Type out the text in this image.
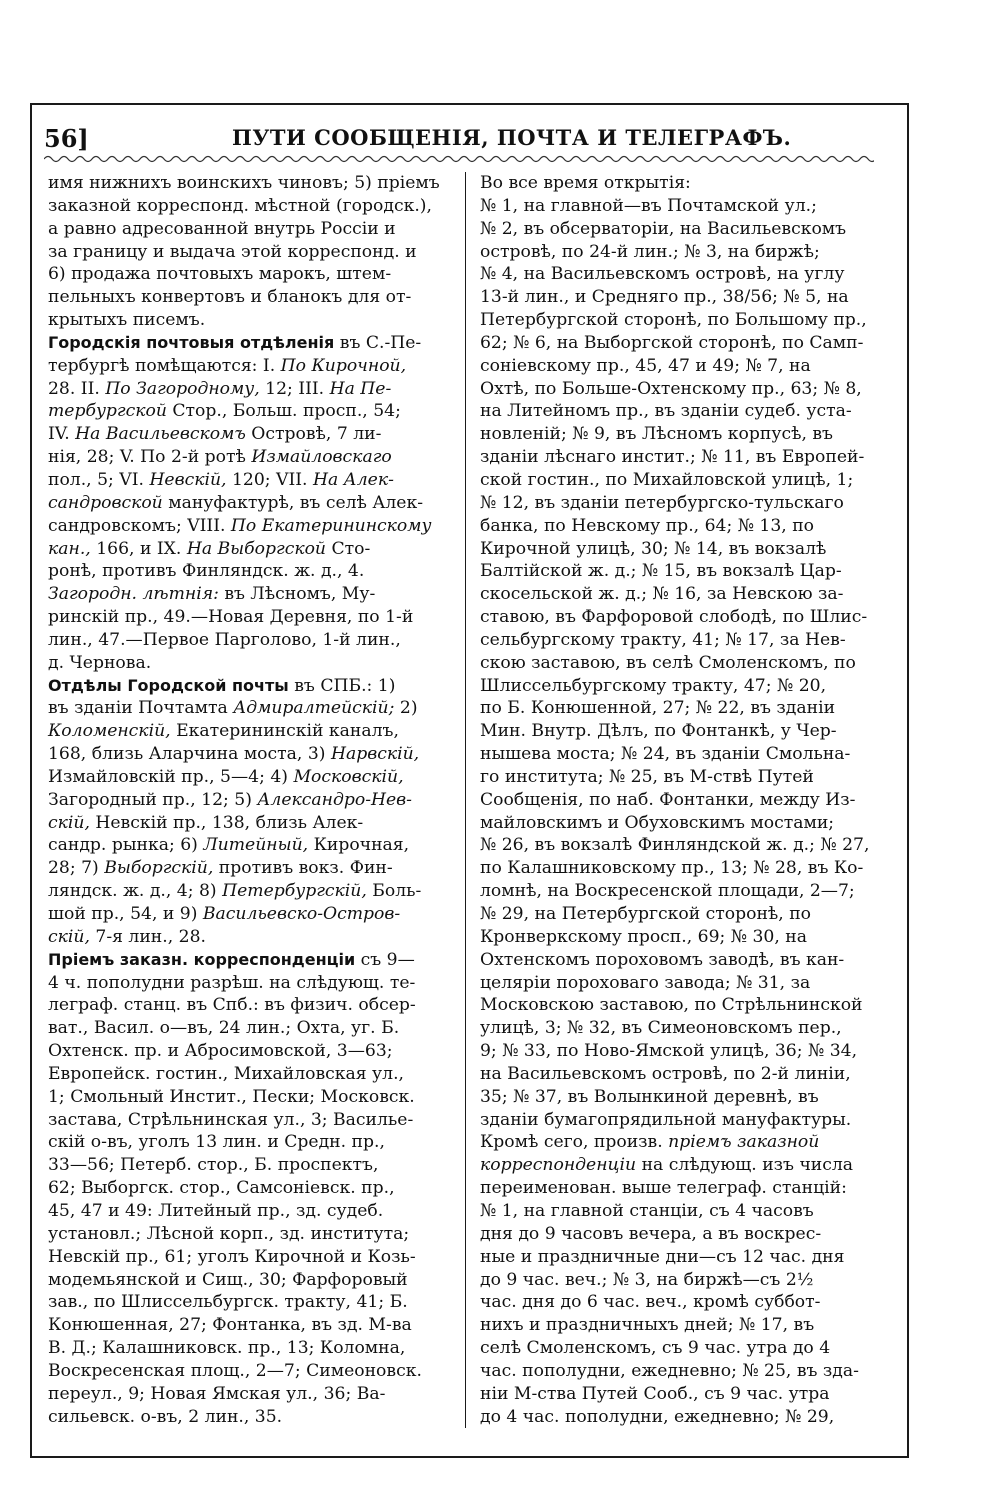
56]	ПУТИ СООБЩЕНІЯ, ПОЧТА И ТЕЛЕГРАФЪ.
имя нижнихъ воинскихъ чиновъ; 5) пріемъ
заказной корреспонд. мѣстной (городск.),
а равно адресованной внутрь Россіи и
за границу и выдача этой корреспонд. и
6) продажа почтовыхъ марокъ, штем-
пельныхъ конвертовъ и бланокъ для от-
крытыхъ писемъ.
Городскія почтовыя отдѣленія въ С.-Пе-
тербургѣ помѣщаются: I. По Кирочной,
28. II. По Загородному, 12; III. На Пе-
тербургской Стор., Больш. просп., 54;
IV. На Васильевскомъ Островѣ, 7 ли-
нія, 28; V. По 2-й ротѣ Измайловскаго
пол., 5; VI. Невскій, 120; VII. На Алек-
сандровской мануфактурѣ, въ селѣ Алек-
сандровскомъ; VIII. По Екатерининскому
кан., 166, и IX. На Выборгской Сто-
ронѣ, противъ Финляндск. ж. д., 4.
Загородн. лѣтнія: въ Лѣсномъ, Му-
ринскій пр., 49.—Новая Деревня, по 1-й
лин., 47.—Первое Парголово, 1-й лин.,
д. Чернова.
Отдѣлы Городской почты въ СПБ.: 1)
въ зданіи Почтамта Адмиралтейскій; 2)
Коломенскій, Екатерининскій каналъ,
168, близь Аларчина моста, 3) Нарвскій,
Измайловскій пр., 5—4; 4) Московскій,
Загородный пр., 12; 5) Александро-Нев-
скій, Невскій пр., 138, близь Алек-
сандр. рынка; 6) Литейный, Кирочная,
28; 7) Выборгскій, противъ вокз. Фин-
ляндск. ж. д., 4; 8) Петербургскій, Боль-
шой пр., 54, и 9) Васильевско-Остров-
скій, 7-я лин., 28.
Пріемъ заказн. корреспонденціи съ 9—
4 ч. пополудни разрѣш. на слѣдующ. те-
леграф. станц. въ Спб.: въ физич. обсер-
ват., Васил. о—въ, 24 лин.; Охта, уг. Б.
Охтенск. пр. и Абросимовской, 3—63;
Европейск. гостин., Михайловская ул.,
1; Смольный Инстит., Пески; Московск.
застава, Стрѣльнинская ул., 3; Василье-
скій о-въ, уголъ 13 лин. и Средн. пр.,
33—56; Петерб. стор., Б. проспектъ,
62; Выборгск. стор., Самсоніевск. пр.,
45, 47 и 49: Литейный пр., зд. судеб.
установл.; Лѣсной корп., зд. института;
Невскій пр., 61; уголъ Кирочной и Козь-
модемьянской и Сищ., 30; Фарфоровый
зав., по Шлиссельбургск. тракту, 41; Б.
Конюшенная, 27; Фонтанка, въ зд. М-ва
В. Д.; Калашниковск. пр., 13; Коломна,
Воскресенская площ., 2—7; Симеоновск.
переул., 9; Новая Ямская ул., 36; Ва-
сильевск. о-въ, 2 лин., 35.
Во все время открытія:
№ 1, на главной—въ Почтамской ул.;
№ 2, въ обсерваторіи, на Васильевскомъ
островѣ, по 24-й лин.; № 3, на биржѣ;
№ 4, на Васильевскомъ островѣ, на углу
13-й лин., и Средняго пр., 38/56; № 5, на
Петербургской сторонѣ, по Большому пр.,
62; № 6, на Выборгской сторонѣ, по Самп-
соніевскому пр., 45, 47 и 49; № 7, на
Охтѣ, по Больше-Охтенскому пр., 63; № 8,
на Литейномъ пр., въ зданіи судеб. уста-
новленій; № 9, въ Лѣсномъ корпусѣ, въ
зданіи лѣснаго инстит.; № 11, въ Европей-
ской гостин., по Михайловской улицѣ, 1;
№ 12, въ зданіи петербургско-тульскаго
банка, по Невскому пр., 64; № 13, по
Кирочной улицѣ, 30; № 14, въ вокзалѣ
Балтійской ж. д.; № 15, въ вокзалѣ Цар-
скосельской ж. д.; № 16, за Невскою за-
ставою, въ Фарфоровой слободѣ, по Шлис-
сельбургскому тракту, 41; № 17, за Нев-
скою заставою, въ селѣ Смоленскомъ, по
Шлиссельбургскому тракту, 47; № 20,
по Б. Конюшенной, 27; № 22, въ зданіи
Мин. Внутр. Дѣлъ, по Фонтанкѣ, у Чер-
нышева моста; № 24, въ зданіи Смольна-
го института; № 25, въ М-ствѣ Путей
Сообщенія, по наб. Фонтанки, между Из-
майловскимъ и Обуховскимъ мостами;
№ 26, въ вокзалѣ Финляндской ж. д.; № 27,
по Калашниковскому пр., 13; № 28, въ Ко-
ломнѣ, на Воскресенской площади, 2—7;
№ 29, на Петербургской сторонѣ, по
Кронверкскому просп., 69; № 30, на
Охтенскомъ пороховомъ заводѣ, въ кан-
целяріи пороховаго завода; № 31, за
Московскою заставою, по Стрѣльнинской
улицѣ, 3; № 32, въ Симеоновскомъ пер.,
9; № 33, по Ново-Ямской улицѣ, 36; № 34,
на Васильевскомъ островѣ, по 2-й линіи,
35; № 37, въ Волынкиной деревнѣ, въ
зданіи бумагопрядильной мануфактуры.
Кромѣ сего, произв. пріемъ заказной
корреспонденціи на слѣдующ. изъ числа
переименован. выше телеграф. станцій:
№ 1, на главной станціи, съ 4 часовъ
дня до 9 часовъ вечера, а въ воскрес-
ные и праздничные дни—съ 12 час. дня
до 9 час. веч.; № 3, на биржѣ—съ 2½
час. дня до 6 час. веч., кромѣ суббот-
нихъ и праздничныхъ дней; № 17, въ
селѣ Смоленскомъ, съ 9 час. утра до 4
час. пополудни, ежедневно; № 25, въ зда-
ніи М-ства Путей Сооб., съ 9 час. утра
до 4 час. пополудни, ежедневно; № 29,
